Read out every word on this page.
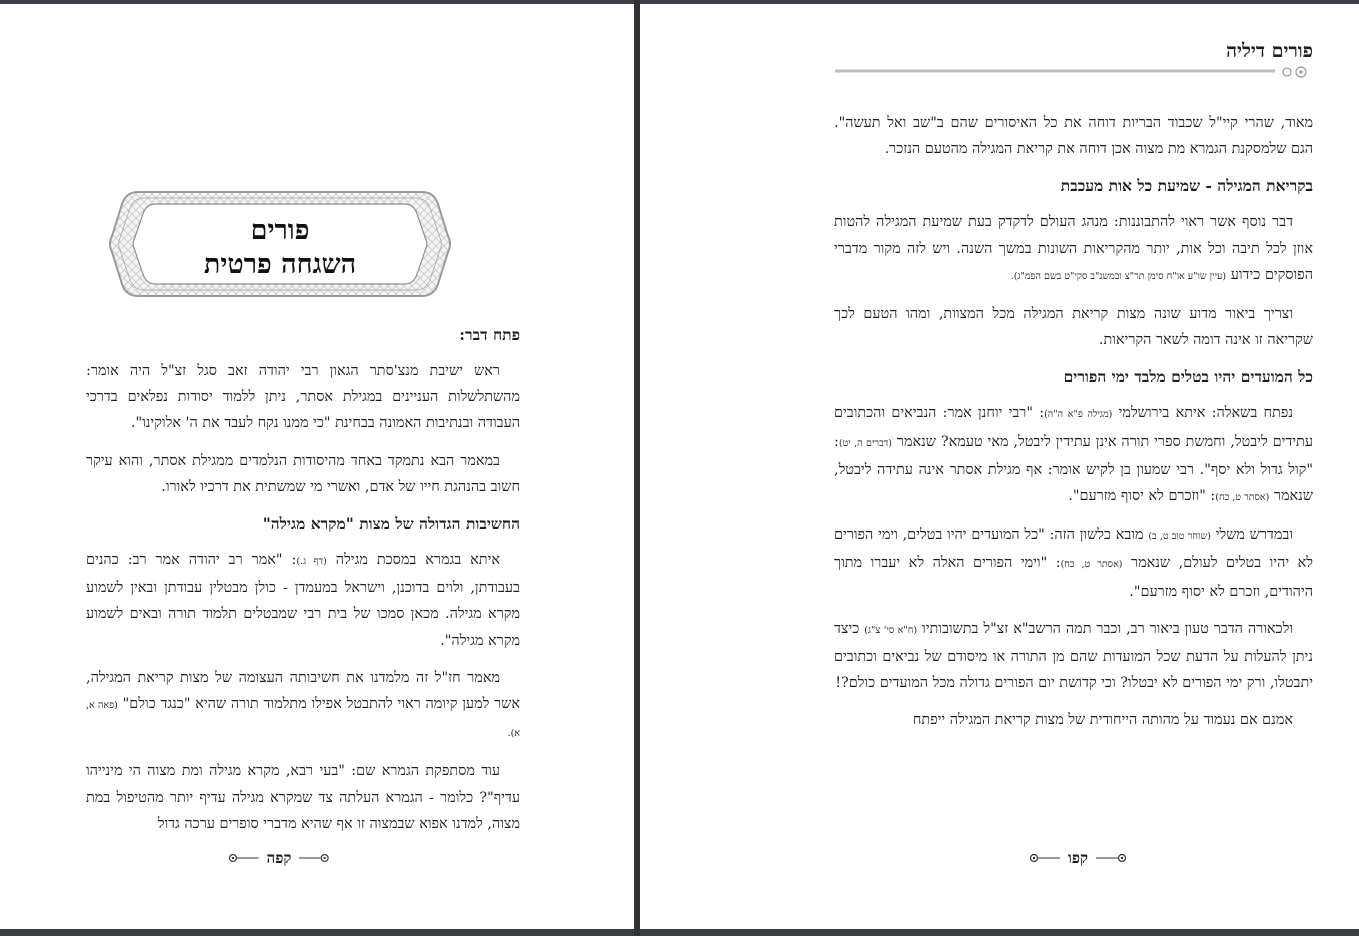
פורים
השגחה פרטית
פתח דבר:

ראש ישיבת מנצ'סתר הגאון רבי יהודה זאב סגל זצ"ל היה אומר: מהשתלשלות העניינים במגילת אסתר, ניתן ללמוד יסודות נפלאים בדרכי העבודה ובנתיבות האמונה בבחינת "כי ממנו נקח לעבד את ה' אלוקינו".

במאמר הבא נתמקד באחד מהיסודות הנלמדים ממגילת אסתר, והוא עיקר חשוב בהנהגת חייו של אדם, ואשרי מי שמשתית את דרכיו לאורו.

החשיבות הגדולה של מצות "מקרא מגילה"

איתא בגמרא במסכת מגילה (דף ג.): "אמר רב יהודה אמר רב: כהנים בעבודתן, ולוים בדוכנן, וישראל במעמדן - כולן מבטלין עבודתן ובאין לשמוע מקרא מגילה. מכאן סמכו של בית רבי שמבטלים תלמוד תורה ובאים לשמוע מקרא מגילה".

מאמר חז"ל זה מלמדנו את חשיבותה העצומה של מצות קריאת המגילה, אשר למען קיומה ראוי להתבטל אפילו מתלמוד תורה שהיא "כנגד כולם" (פאה א, א).

עוד מסתפקת הגמרא שם: "בעי רבא, מקרא מגילה ומת מצוה הי מינייהו עדיף"? כלומר - הגמרא העלתה צד שמקרא מגילה עדיף יותר מהטיפול במת מצוה, למדנו אפוא שבמצוה זו אף שהיא מדברי סופרים ערכה גדול

קפה
פורים דיליה

מאוד, שהרי קיי"ל שכבוד הבריות דוחה את כל האיסורים שהם ב"שב ואל תעשה". הגם שלמסקנת הגמרא מת מצוה אכן דוחה את קריאת המגילה מהטעם הנזכר.

בקריאת המגילה - שמיעת כל אות מעכבת

דבר נוסף אשר ראוי להתבוננות: מנהג העולם לדקדק בעת שמיעת המגילה להטות אוזן לכל תיבה וכל אות, יותר מהקריאות השונות במשך השנה. ויש לזה מקור מדברי הפוסקים כידוע (עיין שו"ע או"ח סימן תר"צ ובמשנ"ב סקי"ט בשם הפמ"ג).

וצריך ביאור מדוע שונה מצות קריאת המגילה מכל המצוות, ומהו הטעם לכך שקריאה זו אינה דומה לשאר הקריאות.

כל המועדים יהיו בטלים מלבד ימי הפורים

נפתח בשאלה: איתא בירושלמי (מגילה פ"א ה"ה): "רבי יוחנן אמר: הנביאים והכתובים עתידים ליבטל, וחמשת ספרי תורה אינן עתידין ליבטל, מאי טעמא? שנאמר (דברים ה, יט): "קול גדול ולא יסף". רבי שמעון בן לקיש אומר: אף מגילת אסתר אינה עתידה ליבטל, שנאמר (אסתר ט, כח): "וזכרם לא יסוף מזרעם".

ובמדרש משלי (שוחר טוב ט, ב) מובא כלשון הזה: "כל המועדים יהיו בטלים, וימי הפורים לא יהיו בטלים לעולם, שנאמר (אסתר ט, כח): "וימי הפורים האלה לא יעברו מתוך היהודים, וזכרם לא יסוף מזרעם".

ולכאורה הדבר טעון ביאור רב, וכבר תמה הרשב"א זצ"ל בתשובותיו (ח"א סי' צ"ג) כיצד ניתן להעלות על הדעת שכל המועדות שהם מן התורה או מיסודם של נביאים וכתובים יתבטלו, ורק ימי הפורים לא יבטלו? וכי קדושת יום הפורים גדולה מכל המועדים כולם?!

אמנם אם נעמוד על מהותה הייחודית של מצות קריאת המגילה ייפתח

קפו
